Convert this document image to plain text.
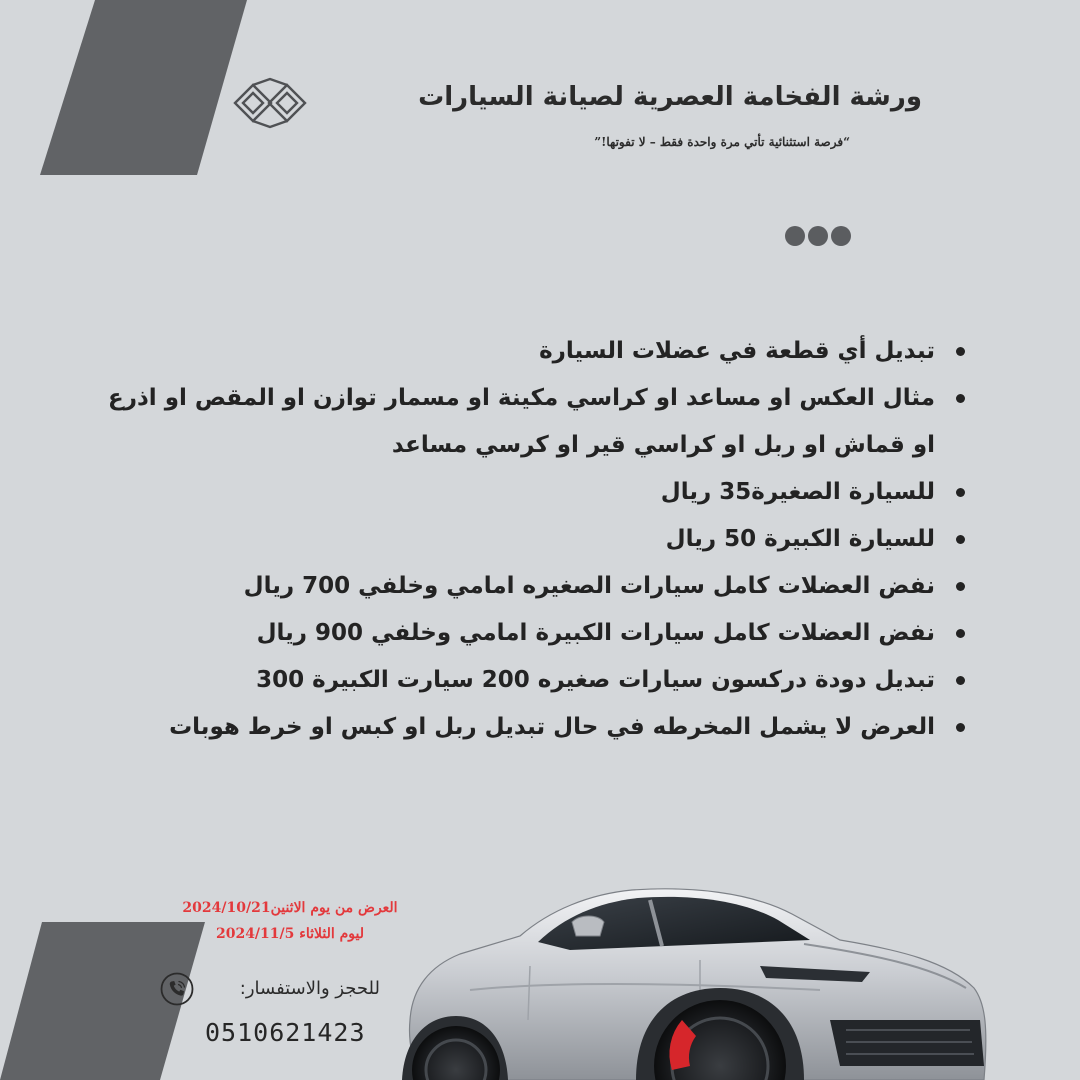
ورشة الفخامة العصرية لصيانة السيارات
“فرصة استثنائية تأتي مرة واحدة فقط – لا تفوتها!”
تبديل أي قطعة في عضلات السيارة
مثال العكس او مساعد او كراسي مكينة او مسمار توازن او المقص او اذرع او قماش او ربل او كراسي قير او كرسي مساعد
للسيارة الصغيرة35 ريال
للسيارة الكبيرة 50 ريال
نفض العضلات كامل سيارات الصغيره امامي وخلفي 700 ريال
نفض العضلات كامل سيارات الكبيرة امامي وخلفي 900 ريال
تبديل دودة دركسون سيارات صغيره 200 سيارت الكبيرة 300
العرض لا يشمل المخرطه في حال تبديل ربل او كبس او خرط هوبات
العرض من يوم الاثنين2024/10/21
ليوم الثلاثاء 2024/11/5
للحجز والاستفسار:
0510621423
